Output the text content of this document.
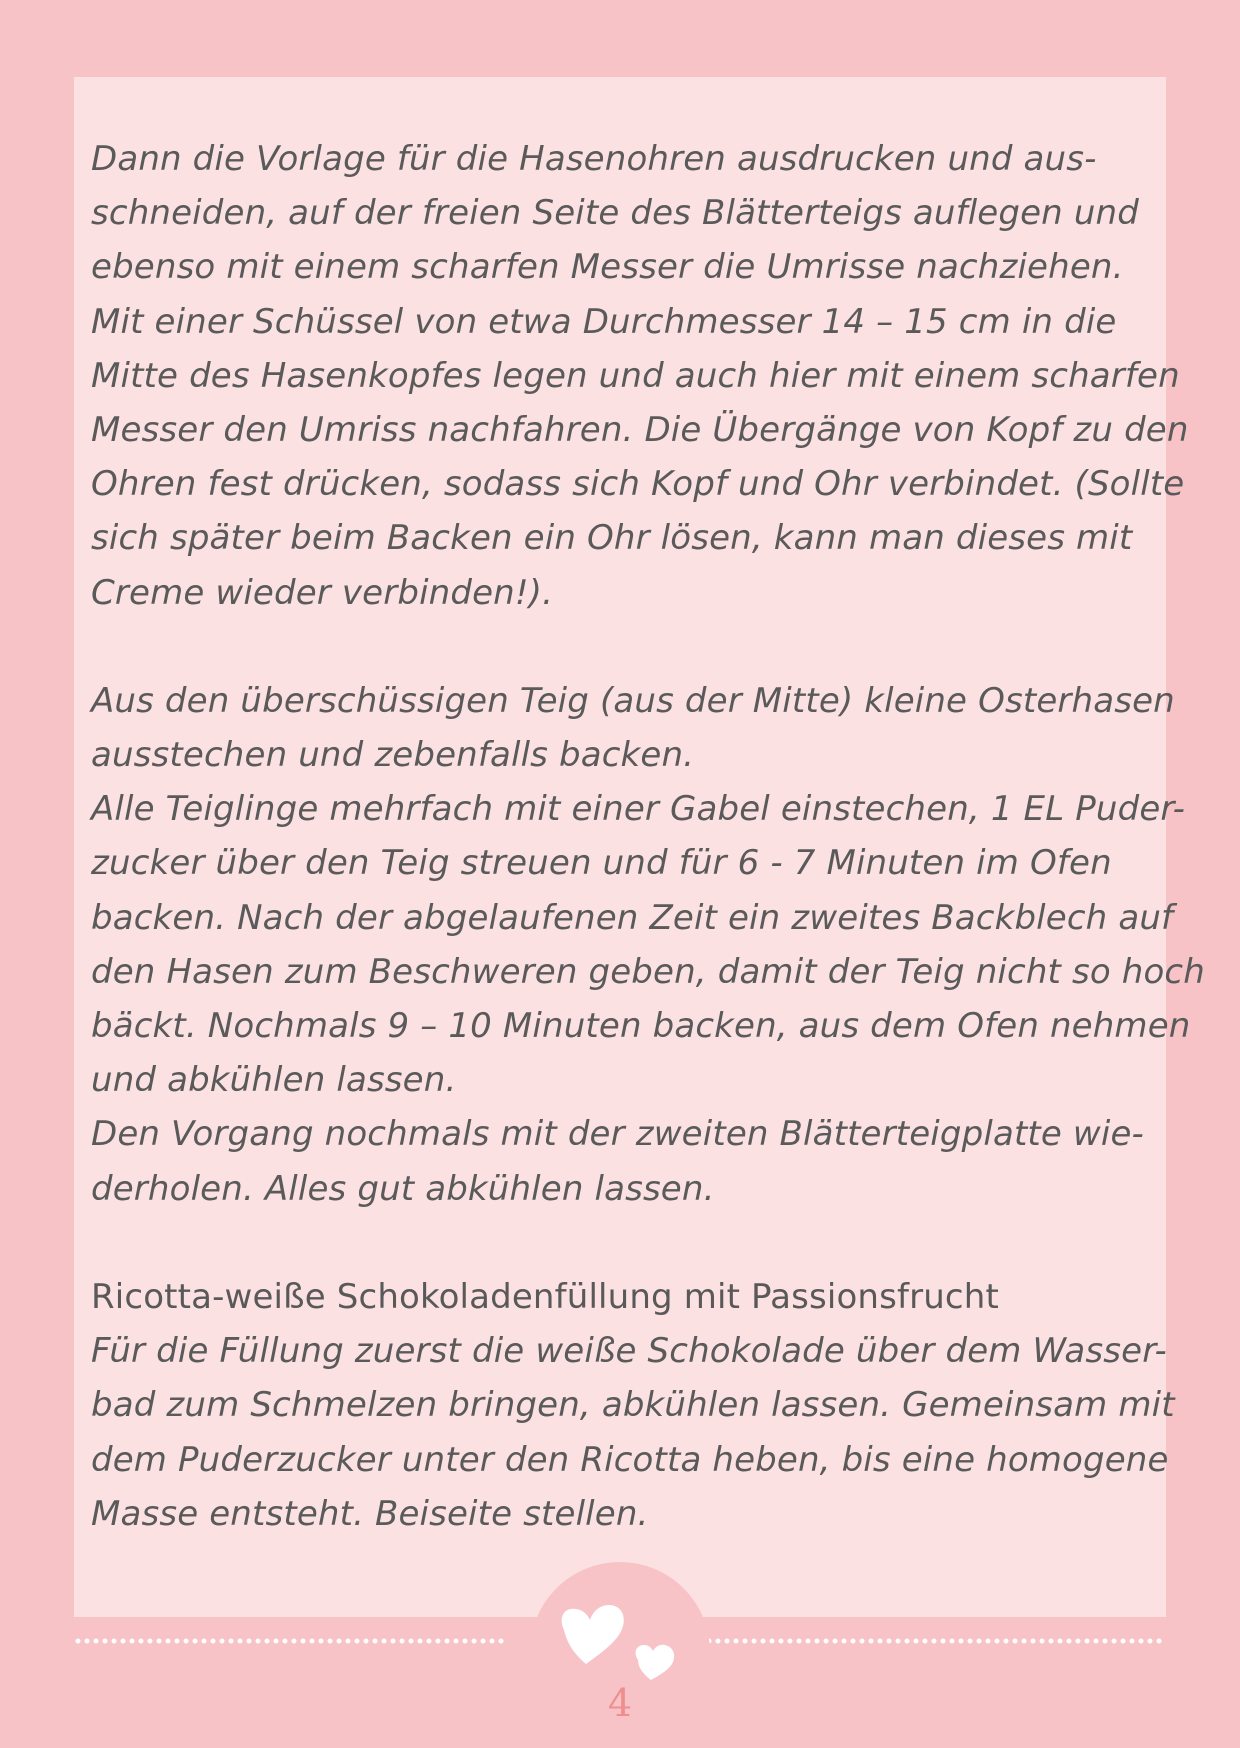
Dann die Vorlage für die Hasenohren ausdrucken und aus-
schneiden, auf der freien Seite des Blätterteigs auflegen und
ebenso mit einem scharfen Messer die Umrisse nachziehen.
Mit einer Schüssel von etwa Durchmesser 14 – 15 cm in die
Mitte des Hasenkopfes legen und auch hier mit einem scharfen
Messer den Umriss nachfahren. Die Übergänge von Kopf zu den
Ohren fest drücken, sodass sich Kopf und Ohr verbindet. (Sollte
sich später beim Backen ein Ohr lösen, kann man dieses mit
Creme wieder verbinden!).
Aus den überschüssigen Teig (aus der Mitte) kleine Osterhasen
ausstechen und zebenfalls backen.
Alle Teiglinge mehrfach mit einer Gabel einstechen, 1 EL Puder-
zucker über den Teig streuen und für 6 - 7 Minuten im Ofen
backen. Nach der abgelaufenen Zeit ein zweites Backblech auf
den Hasen zum Beschweren geben, damit der Teig nicht so hoch
bäckt. Nochmals 9 – 10 Minuten backen, aus dem Ofen nehmen
und abkühlen lassen.
Den Vorgang nochmals mit der zweiten Blätterteigplatte wie-
derholen. Alles gut abkühlen lassen.
Ricotta-weiße Schokoladenfüllung mit Passionsfrucht
Für die Füllung zuerst die weiße Schokolade über dem Wasser-
bad zum Schmelzen bringen, abkühlen lassen. Gemeinsam mit
dem Puderzucker unter den Ricotta heben, bis eine homogene
Masse entsteht. Beiseite stellen.
4
